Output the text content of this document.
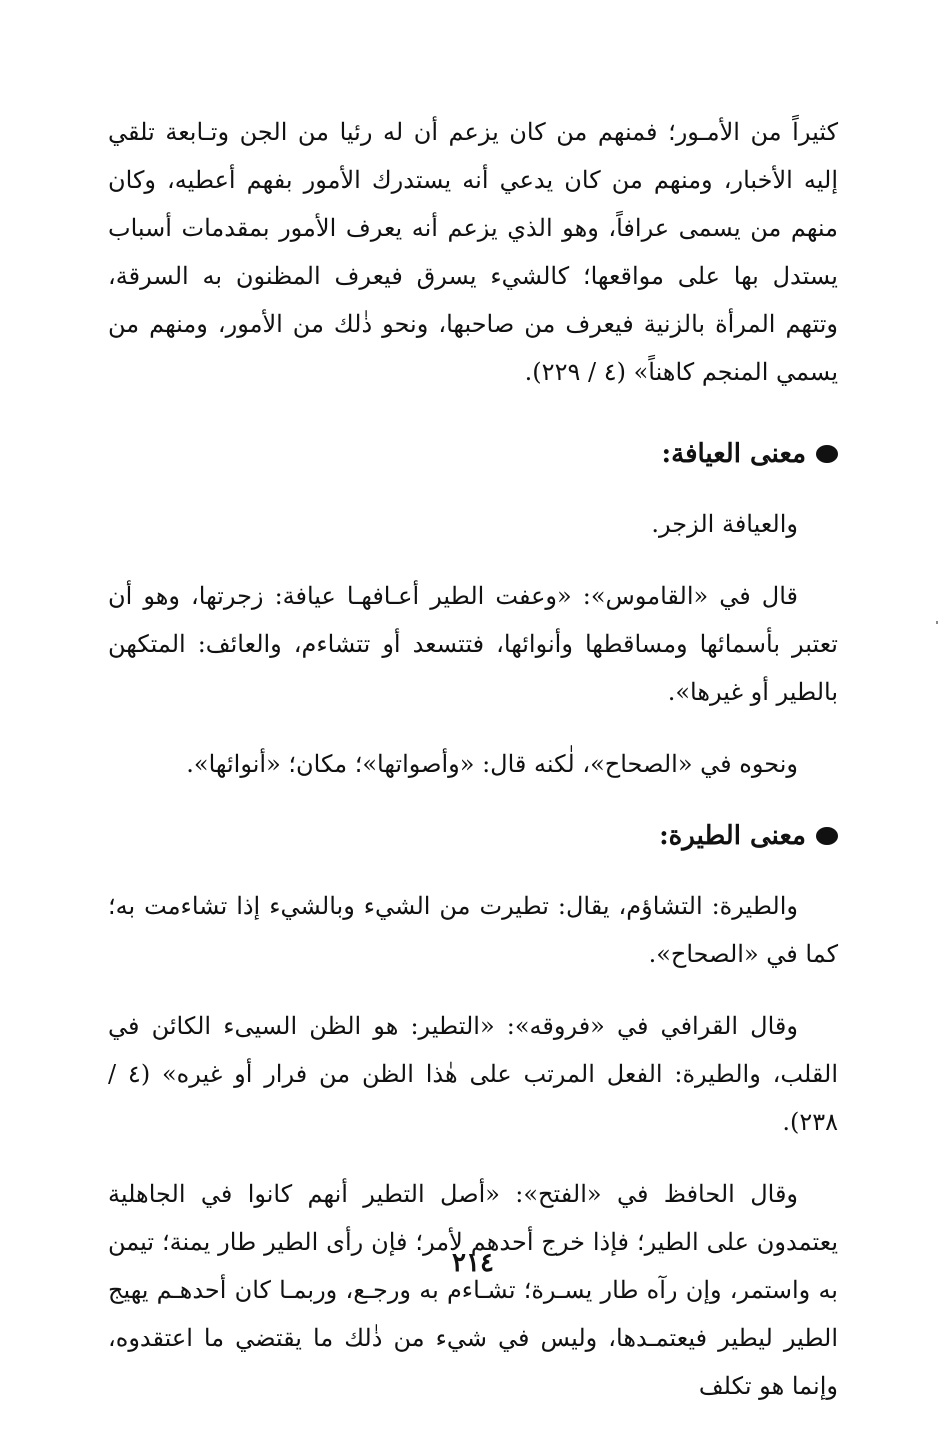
كثيراً من الأمـور؛ فمنهم من كان يزعم أن له رئيا من الجن وتـابعة تلقي إليه الأخبار، ومنهم من كان يدعي أنه يستدرك الأمور بفهم أعطيه، وكان منهم من يسمى عرافاً، وهو الذي يزعم أنه يعرف الأمور بمقدمات أسباب يستدل بها على مواقعها؛ كالشيء يسرق فيعرف المظنون به السرقة، وتتهم المرأة بالزنية فيعرف من صاحبها، ونحو ذٰلك من الأمور، ومنهم من يسمي المنجم كاهناً» (٤ / ٢٢٩).

معنى العيافة:

والعيافة الزجر.

قال في «القاموس»: «وعفت الطير أعـافهـا عيافة: زجرتها، وهو أن تعتبر بأسمائها ومساقطها وأنوائها، فتتسعد أو تتشاءم، والعائف: المتكهن بالطير أو غيرها».

ونحوه في «الصحاح»، لٰكنه قال: «وأصواتها»؛ مكان؛ «أنوائها».

معنى الطيرة:

والطيرة: التشاؤم، يقال: تطيرت من الشيء وبالشيء إذا تشاءمت به؛ كما في «الصحاح».

وقال القرافي في «فروقه»: «التطير: هو الظن السيىء الكائن في القلب، والطيرة: الفعل المرتب على هٰذا الظن من فرار أو غيره» (٤ / ٢٣٨).

وقال الحافظ في «الفتح»: «أصل التطير أنهم كانوا في الجاهلية يعتمدون على الطير؛ فإذا خرج أحدهم لأمر؛ فإن رأى الطير طار يمنة؛ تيمن به واستمر، وإن رآه طار يسـرة؛ تشـاءم به ورجـع، وربمـا كان أحدهـم يهيج الطير ليطير فيعتمـدها، وليس في شيء من ذٰلك ما يقتضي ما اعتقدوه، وإنما هو تكلف

٢١٤
